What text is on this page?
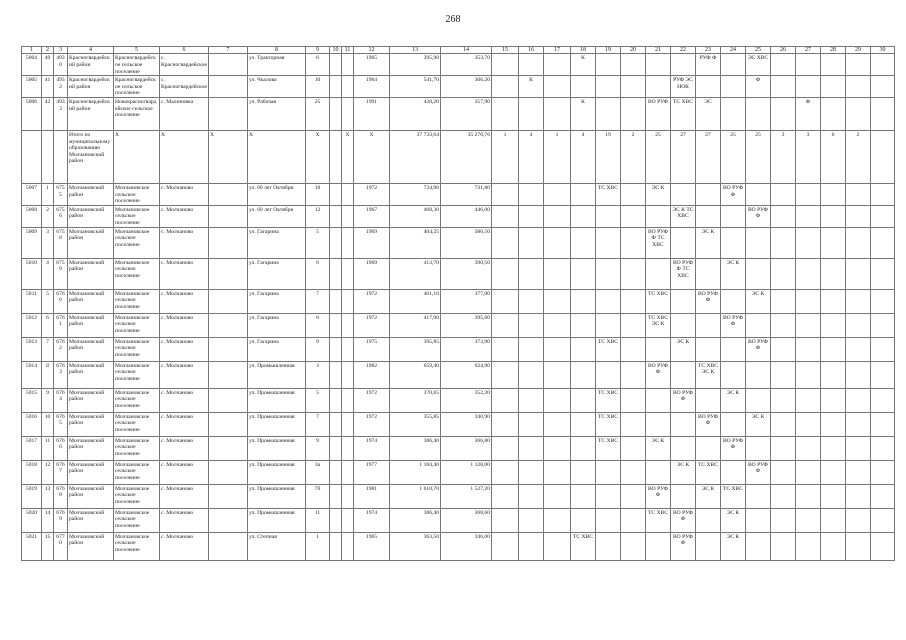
268
1	2	3	4	5	6	7	8	9	10	11	12	13	14	15	16	17	18	19	20	21	22	23	24	25	26	27	28	29	30
5004	40	4930	Красногвардейский район	Красногвардейское сельское поселение	с. Красногвардейское		ул. Тракторная	6			1965	395,90	353,70				К					РУФ Ф		ЭС ХВС					
5005	41	4932	Красногвардейский район	Красногвардейское сельское поселение	с. Красногвардейское		ул. Чкалова	10			1964	541,70	306,20		К						РУФ ЭС НОК			Ф					
5006	42	4933	Красногвардейский район	Новокрасногвардейское сельское поселение	с. Малиновка		ул. Рабочая	25			1991	428,20	357,90				К			ВО РУФ	ТС ХВС	ЭС				Ф			
			Итого по муниципальному образованию Молчановский район	Х	Х	Х	Х	Х		Х	Х	37 733,64	35 270,76	1	4	1	4	19	2	25	27	27	25	25	3	3	6	2	
5007	1	6755	Молчановский район	Молчановское сельское поселение	с. Молчаново		ул. 60 лет Октября	10			1972	734,90	731,80					ТС ХВС		ЭС К			ВО РУФ Ф						
5008	2	6756	Молчановский район	Молчановское сельское поселение	с. Молчаново		ул. 60 лет Октября	12			1967	468,30	446,00								ЭС К ТС ХВС			ВО РУФ Ф					
5009	3	6758	Молчановский район	Молчановское сельское поселение	с. Молчаново		ул. Гагарина	5			1969	404,25	386,50							ВО РУФ Ф ТС ХВС		ЭС К							
5010	4	6759	Молчановский район	Молчановское сельское поселение	с. Молчаново		ул. Гагарина	6			1969	413,70	390,50								ВО РУФ Ф ТС ХВС		ЭС К						
5011	5	6760	Молчановский район	Молчановское сельское поселение	с. Молчаново		ул. Гагарина	7			1972	401,10	377,00							ТС ХВС		ВО РУФ Ф		ЭС К					
5012	6	6761	Молчановский район	Молчановское сельское поселение	с. Молчаново		ул. Гагарина	8			1972	417,90	395,60							ТС ХВС ЭС К			ВО РУФ Ф						
5013	7	6762	Молчановский район	Молчановское сельское поселение	с. Молчаново		ул. Гагарина	9			1975	395,85	373,90					ТС ХВС			ЭС К			ВО РУФ Ф					
5014	8	6763	Молчановский район	Молчановское сельское поселение	с. Молчаново		ул. Промышленная	3			1982	659,40	624,90							ВО РУФ Ф		ТС ХВС ЭС К							
5015	9	6764	Молчановский район	Молчановское сельское поселение	с. Молчаново		ул. Промышленная	5			1972	370,65	352,20					ТС ХВС			ВО РУФ Ф		ЭС К						
5016	10	6765	Молчановский район	Молчановское сельское поселение	с. Молчаново		ул. Промышленная	7			1972	355,85	340,90					ТС ХВС				ВО РУФ Ф		ЭС К					
5017	11	6766	Молчановский район	Молчановское сельское поселение	с. Молчаново		ул. Промышленная	9			1974	386,40	366,80					ТС ХВС		ЭС К			ВО РУФ Ф						
5018	12	6767	Молчановский район	Молчановское сельское поселение	с. Молчаново		ул. Промышленная	3а			1977	1 184,40	1 128,00								ЭС К	ТС ХВС		ВО РУФ Ф					
5019	13	6768	Молчановский район	Молчановское сельское поселение	с. Молчаново		ул. Промышленная	7б			1981	1 610,70	1 527,20							ВО РУФ Ф		ЭС К	ТС ХВС						
5020	14	6769	Молчановский район	Молчановское сельское поселение	с. Молчаново		ул. Промышленная	11			1974	386,40	368,60							ТС ХВС	ВО РУФ Ф		ЭС К						
5021	15	6770	Молчановский район	Молчановское сельское поселение	с. Молчаново		ул. Степная	1			1965	363,50	346,00				ТС ХВС				ВО РУФ Ф		ЭС К						
